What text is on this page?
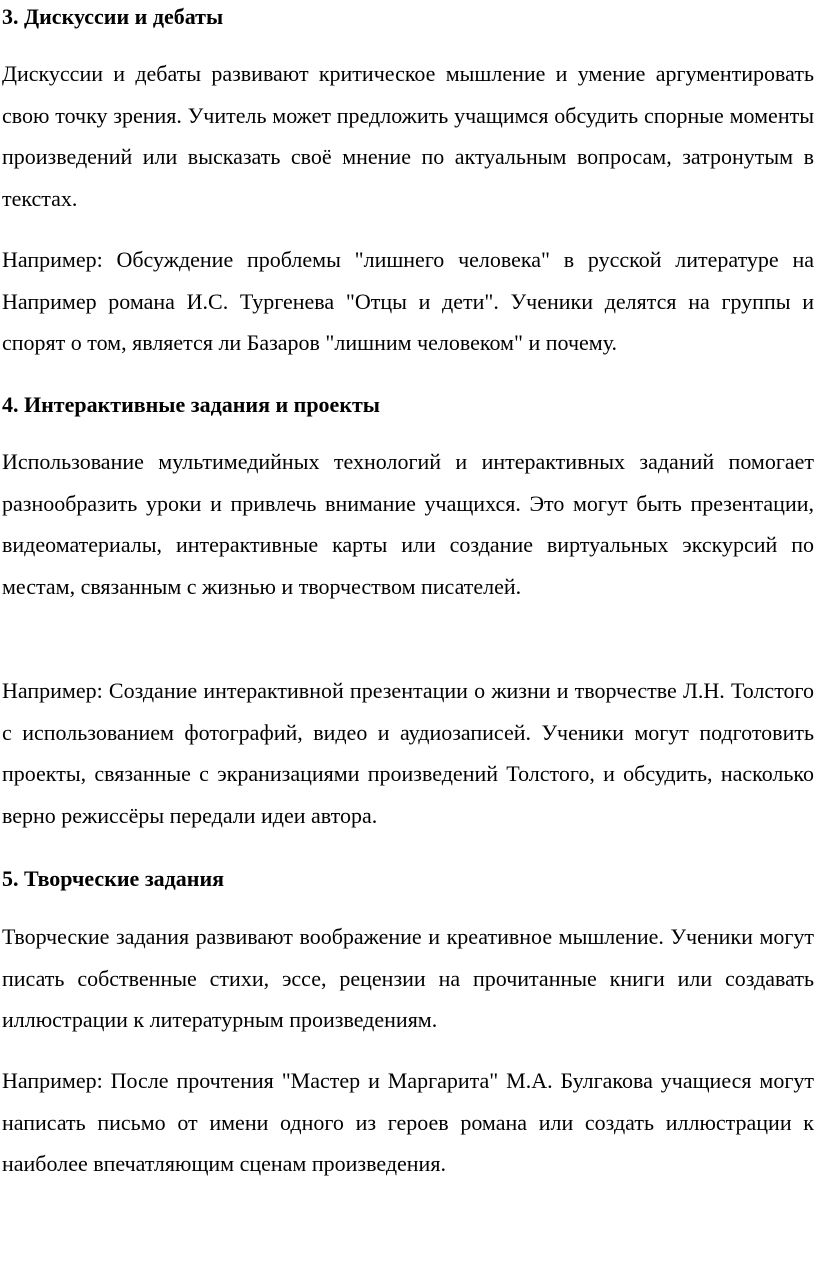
3. Дискуссии и дебаты
Дискуссии и дебаты развивают критическое мышление и умение аргументировать свою точку зрения. Учитель может предложить учащимся обсудить спорные моменты произведений или высказать своё мнение по актуальным вопросам, затронутым в текстах.
Например: Обсуждение проблемы "лишнего человека" в русской литературе на Например романа И.С. Тургенева "Отцы и дети". Ученики делятся на группы и спорят о том, является ли Базаров "лишним человеком" и почему.
4. Интерактивные задания и проекты
Использование мультимедийных технологий и интерактивных заданий помогает разнообразить уроки и привлечь внимание учащихся. Это могут быть презентации, видеоматериалы, интерактивные карты или создание виртуальных экскурсий по местам, связанным с жизнью и творчеством писателей.
Например: Создание интерактивной презентации о жизни и творчестве Л.Н. Толстого с использованием фотографий, видео и аудиозаписей. Ученики могут подготовить проекты, связанные с экранизациями произведений Толстого, и обсудить, насколько верно режиссёры передали идеи автора.
5. Творческие задания
Творческие задания развивают воображение и креативное мышление. Ученики могут писать собственные стихи, эссе, рецензии на прочитанные книги или создавать иллюстрации к литературным произведениям.
Например: После прочтения "Мастер и Маргарита" М.А. Булгакова учащиеся могут написать письмо от имени одного из героев романа или создать иллюстрации к наиболее впечатляющим сценам произведения.
